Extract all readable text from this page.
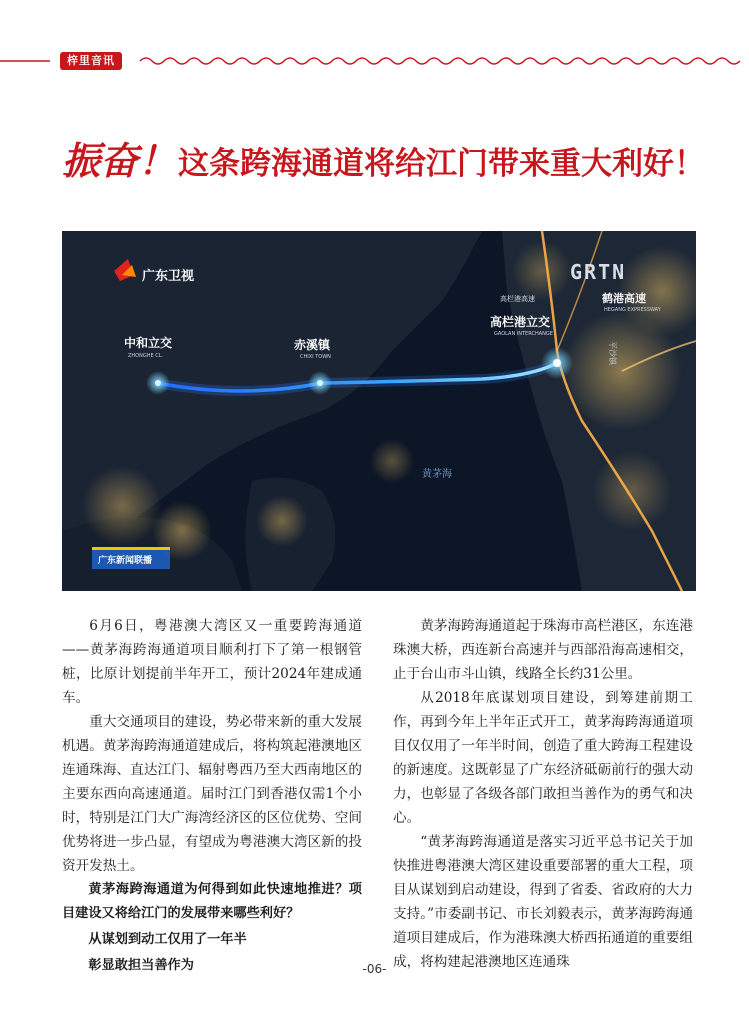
梓里音讯
振奋！这条跨海通道将给江门带来重大利好！
广东卫视	GRTN
中和立交
ZHONGHE CL.
赤溪镇
CHIXI TOWN
高栏港高速	鹤港高速
HEGANG EXPRESSWAY
高栏港立交
GAOLAN INTERCHANGE
平沙镇
黄茅海
广东新闻联播

6月6日，粤港澳大湾区又一重要跨海通道——黄茅海跨海通道项目顺利打下了第一根钢管桩，比原计划提前半年开工，预计2024年建成通车。

重大交通项目的建设，势必带来新的重大发展机遇。黄茅海跨海通道建成后，将构筑起港澳地区连通珠海、直达江门、辐射粤西乃至大西南地区的主要东西向高速通道。届时江门到香港仅需1个小时，特别是江门大广海湾经济区的区位优势、空间优势将进一步凸显，有望成为粤港澳大湾区新的投资开发热土。

黄茅海跨海通道为何得到如此快速地推进？项目建设又将给江门的发展带来哪些利好？

从谋划到动工仅用了一年半

彰显敢担当善作为

黄茅海跨海通道起于珠海市高栏港区，东连港珠澳大桥，西连新台高速并与西部沿海高速相交，止于台山市斗山镇，线路全长约31公里。

从2018年底谋划项目建设，到筹建前期工作，再到今年上半年正式开工，黄茅海跨海通道项目仅仅用了一年半时间，创造了重大跨海工程建设的新速度。这既彰显了广东经济砥砺前行的强大动力，也彰显了各级各部门敢担当善作为的勇气和决心。

“黄茅海跨海通道是落实习近平总书记关于加快推进粤港澳大湾区建设重要部署的重大工程，项目从谋划到启动建设，得到了省委、省政府的大力支持。”市委副书记、市长刘毅表示，黄茅海跨海通道项目建成后，作为港珠澳大桥西拓通道的重要组成，将构建起港澳地区连通珠

-06-
